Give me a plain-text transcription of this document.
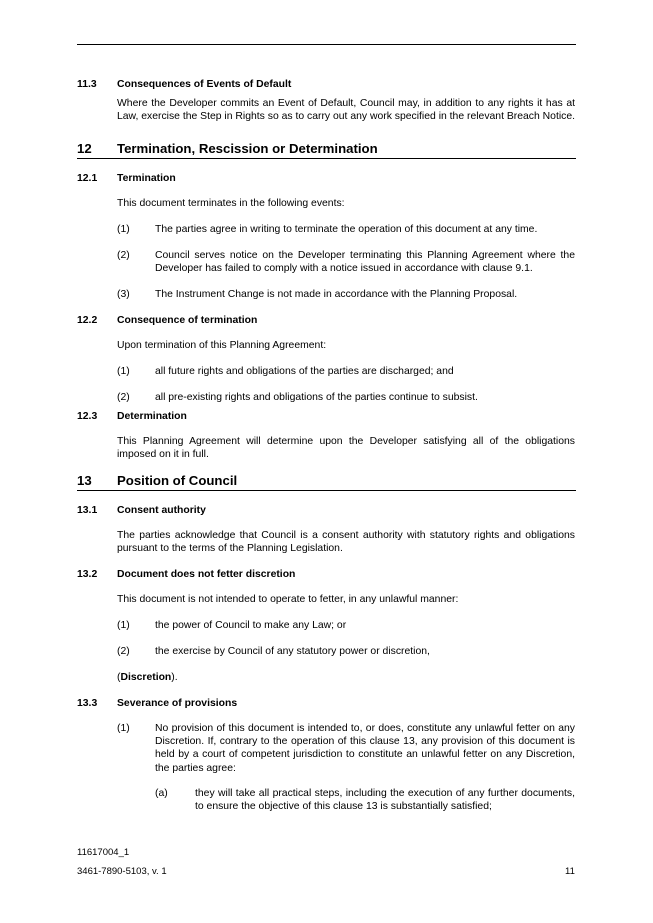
11.3 Consequences of Events of Default
Where the Developer commits an Event of Default, Council may, in addition to any rights it has at Law, exercise the Step in Rights so as to carry out any work specified in the relevant Breach Notice.
12 Termination, Rescission or Determination
12.1 Termination
This document terminates in the following events:
(1) The parties agree in writing to terminate the operation of this document at any time.
(2) Council serves notice on the Developer terminating this Planning Agreement where the Developer has failed to comply with a notice issued in accordance with clause 9.1.
(3) The Instrument Change is not made in accordance with the Planning Proposal.
12.2 Consequence of termination
Upon termination of this Planning Agreement:
(1) all future rights and obligations of the parties are discharged; and
(2) all pre-existing rights and obligations of the parties continue to subsist.
12.3 Determination
This Planning Agreement will determine upon the Developer satisfying all of the obligations imposed on it in full.
13 Position of Council
13.1 Consent authority
The parties acknowledge that Council is a consent authority with statutory rights and obligations pursuant to the terms of the Planning Legislation.
13.2 Document does not fetter discretion
This document is not intended to operate to fetter, in any unlawful manner:
(1) the power of Council to make any Law; or
(2) the exercise by Council of any statutory power or discretion,
(Discretion).
13.3 Severance of provisions
(1) No provision of this document is intended to, or does, constitute any unlawful fetter on any Discretion. If, contrary to the operation of this clause 13, any provision of this document is held by a court of competent jurisdiction to constitute an unlawful fetter on any Discretion, the parties agree:
(a)	they will take all practical steps, including the execution of any further documents, to ensure the objective of this clause 13 is substantially satisfied;
11617004_1
3461-7890-5103, v. 1	11
